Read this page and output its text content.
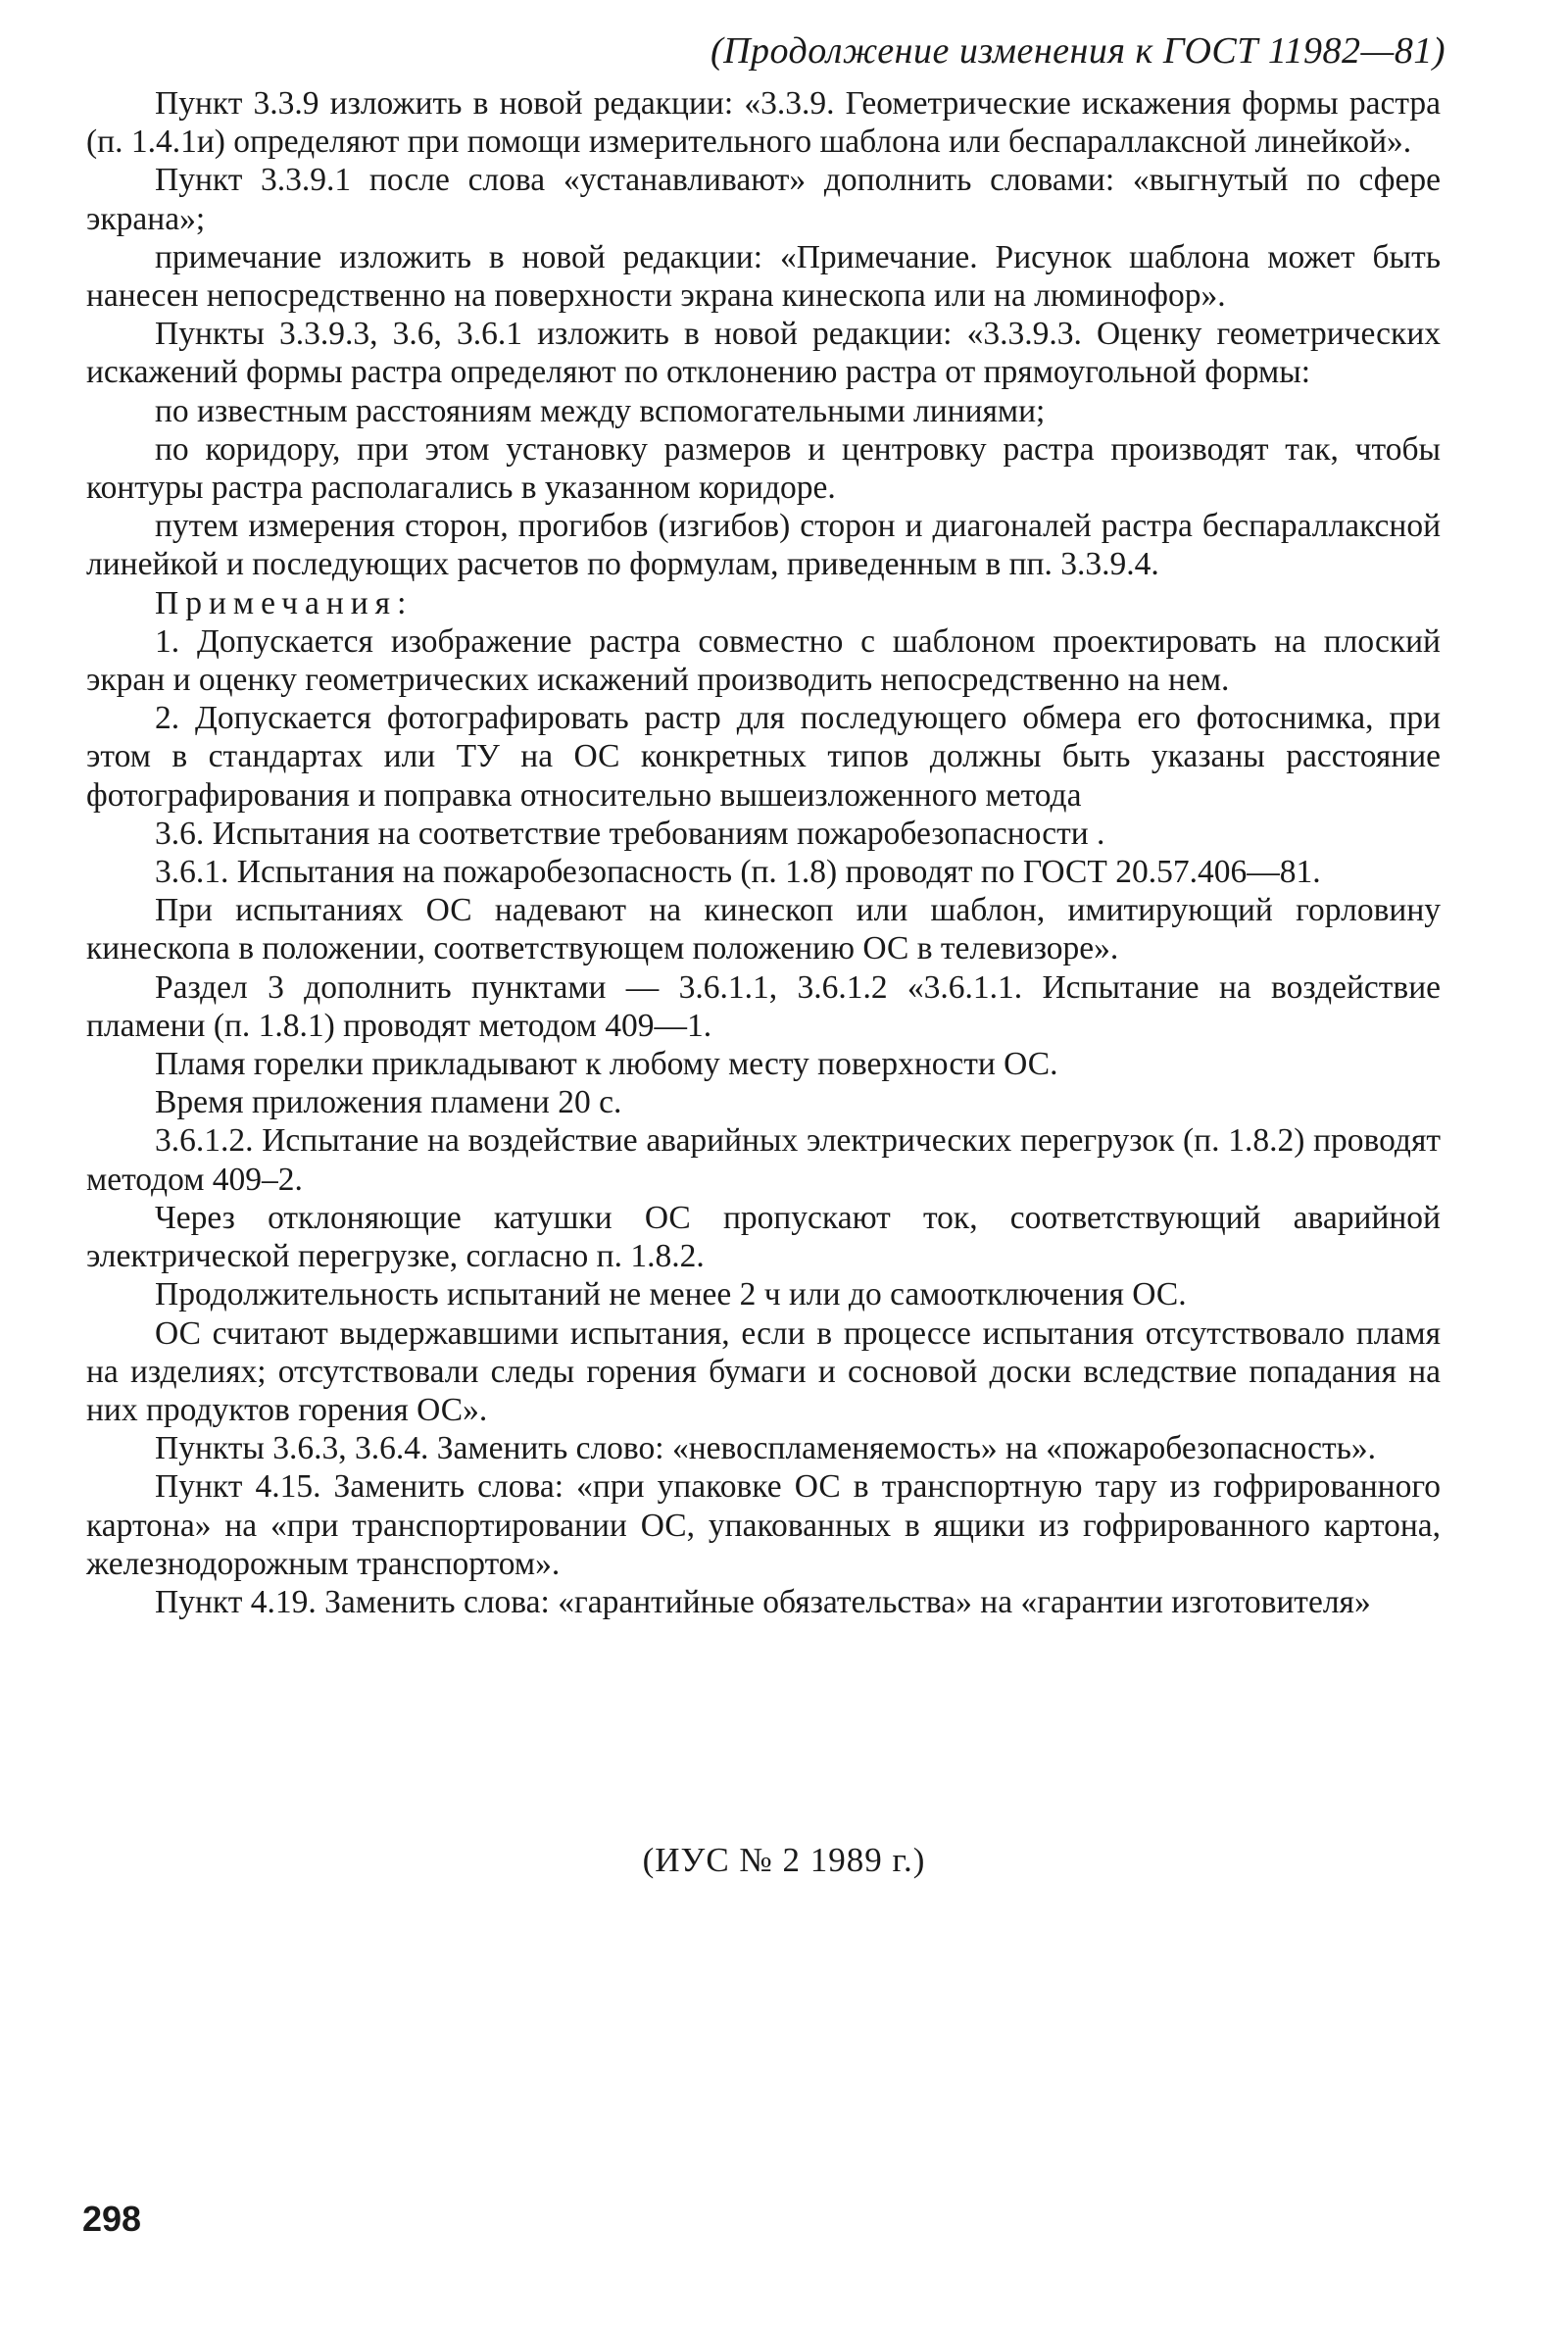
(Продолжение изменения к ГОСТ 11982—81)

Пункт 3.3.9 изложить в новой редакции: «3.3.9. Геометрические искажения формы растра (п. 1.4.1и) определяют при помощи измерительного шаблона или беспараллаксной линейкой».

Пункт 3.3.9.1 после слова «устанавливают» дополнить словами: «выгнутый по сфере экрана»;

примечание изложить в новой редакции: «Примечание. Рисунок шаблона может быть нанесен непосредственно на поверхности экрана кинескопа или на люминофор».

Пункты 3.3.9.3, 3.6, 3.6.1 изложить в новой редакции: «3.3.9.3. Оценку геометрических искажений формы растра определяют по отклонению растра от прямоугольной формы:

по известным расстояниям между вспомогательными линиями;

по коридору, при этом установку размеров и центровку растра производят так, чтобы контуры растра располагались в указанном коридоре.

путем измерения сторон, прогибов (изгибов) сторон и диагоналей растра беспараллаксной линейкой и последующих расчетов по формулам, приведенным в пп. 3.3.9.4.

Примечания:

1. Допускается изображение растра совместно с шаблоном проектировать на плоский экран и оценку геометрических искажений производить непосредственно на нем.

2. Допускается фотографировать растр для последующего обмера его фотоснимка, при этом в стандартах или ТУ на ОС конкретных типов должны быть указаны расстояние фотографирования и поправка относительно вышеизложенного метода

3.6. Испытания на соответствие требованиям пожаробезопасности .

3.6.1. Испытания на пожаробезопасность (п. 1.8) проводят по ГОСТ 20.57.406—81.

При испытаниях ОС надевают на кинескоп или шаблон, имитирующий горловину кинескопа в положении, соответствующем положению ОС в телевизоре».

Раздел 3 дополнить пунктами — 3.6.1.1, 3.6.1.2 «3.6.1.1. Испытание на воздействие пламени (п. 1.8.1) проводят методом 409—1.

Пламя горелки прикладывают к любому месту поверхности ОС.

Время приложения пламени 20 с.

3.6.1.2. Испытание на воздействие аварийных электрических перегрузок (п. 1.8.2) проводят методом 409–2.

Через отклоняющие катушки ОС пропускают ток, соответствующий аварийной электрической перегрузке, согласно п. 1.8.2.

Продолжительность испытаний не менее 2 ч или до самоотключения ОС.

ОС считают выдержавшими испытания, если в процессе испытания отсутствовало пламя на изделиях; отсутствовали следы горения бумаги и сосновой доски вследствие попадания на них продуктов горения ОС».

Пункты 3.6.3, 3.6.4. Заменить слово: «невоспламеняемость» на «пожаробезопасность».

Пункт 4.15. Заменить слова: «при упаковке ОС в транспортную тару из гофрированного картона» на «при транспортировании ОС, упакованных в ящики из гофрированного картона, железнодорожным транспортом».

Пункт 4.19. Заменить слова: «гарантийные обязательства» на «гарантии изготовителя»

(ИУС № 2 1989 г.)
298
